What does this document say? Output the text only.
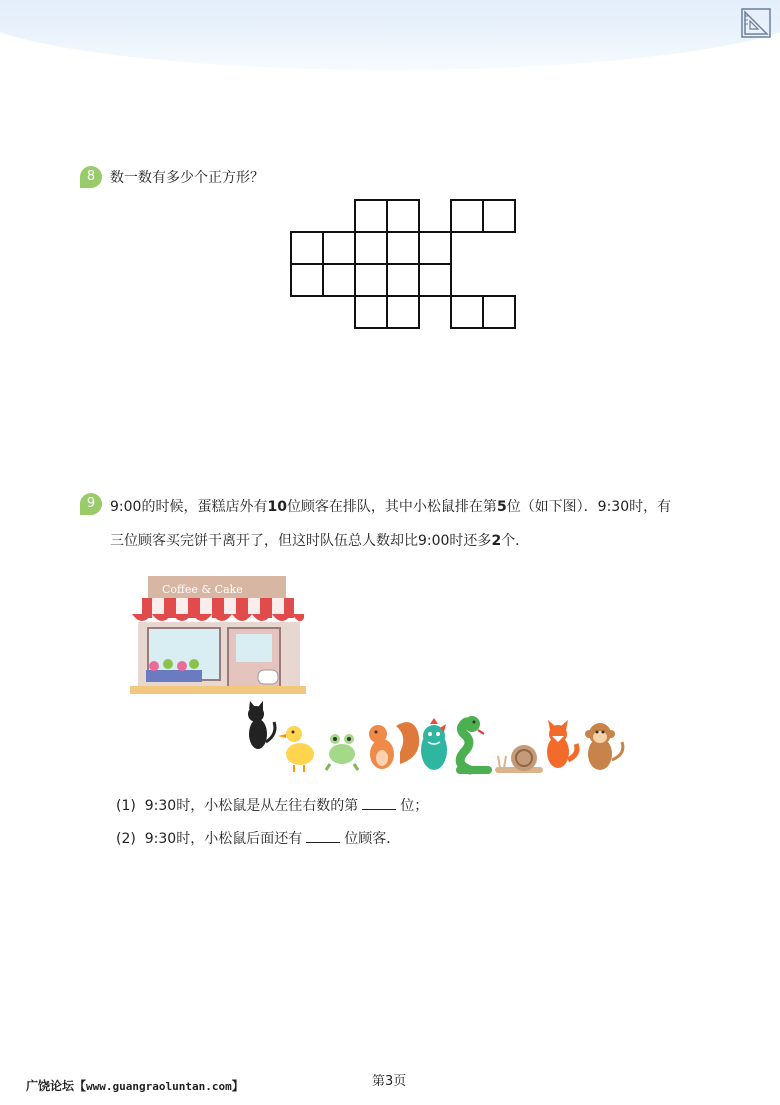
8	数一数有多少个正方形？
9	9:00的时候，蛋糕店外有10位顾客在排队，其中小松鼠排在第5位（如下图）．9:30时，有
三位顾客买完饼干离开了，但这时队伍总人数却比9:00时还多2个．
Coffee & Cake
(1) 9:30时，小松鼠是从左往右数的第	位；
(2) 9:30时，小松鼠后面还有	位顾客．
广饶论坛【www.guangraoluntan.com】	第3页
